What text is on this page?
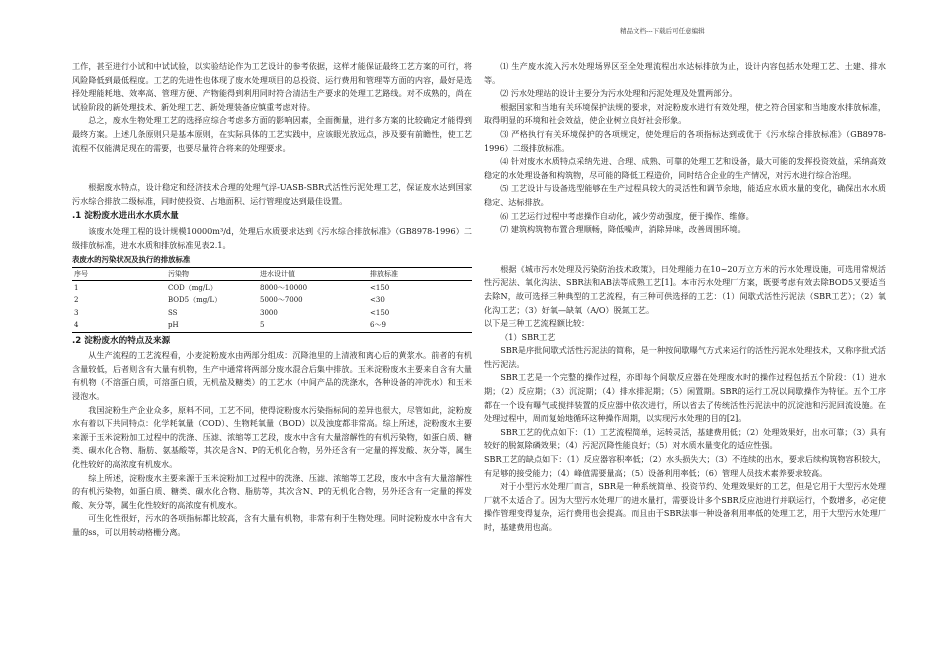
精品文档---下载后可任意编辑

工作，甚至进行小试和中试试验，以实验结论作为工艺设计的参考依据，这样才能保证最终工艺方案的可行，将风险降低到最低程度。工艺的先进性也体现了废水处理项目的总投资、运行费用和管理等方面的内容，最好是选择处理能耗地、效率高、管理方便、产物能得到利用同时符合清洁生产要求的处理工艺路线。对不成熟的，尚在试验阶段的新处理技术、新处理工艺、新处理装备应慎重考虑对待。

总之，废水生物处理工艺的选择应综合考虑多方面的影响因素，全面衡量，进行多方案的比较确定才能得到最终方案。上述几条原则只是基本原则，在实际具体的工艺实践中，应该眼光放远点，涉及要有前瞻性，使工艺流程不仅能满足现在的需要，也要尽量符合将来的处理要求。

根据废水特点，设计稳定和经济技术合理的处理气浮-UASB-SBR式活性污泥处理工艺，保证废水达到国家污水综合排放二级标准，同时使投资、占地面积、运行管理度达到最佳设置。

.1 淀粉废水进出水水质水量

该废水处理工程的设计规模10000m³/d，处理后水质要求达到《污水综合排放标准》（GB8978-1996）二级排放标准，进水水质和排放标准见表2.1。

表废水的污染状况及执行的排放标准
序号	污染物	进水设计值	排放标准
1	COD（mg/L）	8000～10000	<150
2	BOD5（mg/L）	5000～7000	<30
3	SS	3000	<150
4	pH	5	6～9
.2 淀粉废水的特点及来源

从生产流程的工艺流程看，小麦淀粉废水由两部分组成：沉降池里的上清液和离心后的黄浆水。前者的有机含量较低，后者则含有大量有机物，生产中通常将两部分废水混合后集中排放。玉米淀粉废水主要来自含有大量有机物（不溶蛋白质，可溶蛋白质，无机盐及糖类）的工艺水（中间产品的洗涤水，各种设备的冲洗水）和玉米浸泡水。

我国淀粉生产企业众多，原料不同，工艺不同，使得淀粉废水污染指标间的差异也很大，尽管如此，淀粉废水有着以下共同特点：化学耗氧量（COD）、生物耗氧量（BOD）以及浊度都非常高。综上所述，淀粉废水主要来源于玉米淀粉加工过程中的洗涤、压滤、浓缩等工艺段，废水中含有大量溶解性的有机污染物，如蛋白质、糖类、碳水化合物、脂肪、氨基酸等，其次是含N、P的无机化合物，另外还含有一定量的挥发酸、灰分等，属生化性较好的高浓度有机废水。

综上所述，淀粉废水主要来源于玉米淀粉加工过程中的洗涤、压滤、浓缩等工艺段，废水中含有大量溶解性的有机污染物，如蛋白质、糖类、碳水化合物、脂肪等，其次含N、P的无机化合物，另外还含有一定量的挥发酸、灰分等，属生化性较好的高浓度有机废水。

可生化性很好，污水的各项指标都比较高，含有大量有机物，非常有利于生物处理。同时淀粉废水中含有大量的ss，可以用转动格栅分离。

⑴ 生产废水流入污水处理场界区至全处理流程出水达标排放为止，设计内容包括水处理工艺、土建、排水等。

⑵ 污水处理站的设计主要分为污水处理和污泥处理及处置两部分。

根据国家和当地有关环境保护法规的要求，对淀粉废水进行有效处理，使之符合国家和当地废水排放标准，取得明显的环境和社会效益，使企业树立良好社会形象。

⑶ 严格执行有关环境保护的各项规定，使处理后的各项指标达到或优于《污水综合排放标准》（GB8978-1996）二级排放标准。

⑷ 针对废水水质特点采纳先进、合理、成熟、可靠的处理工艺和设备，最大可能的发挥投资效益，采纳高效稳定的水处理设备和构筑物，尽可能的降低工程造价，同时结合企业的生产情况，对污水进行综合治理。

⑸ 工艺设计与设备选型能够在生产过程具较大的灵活性和调节余地，能适应水质水量的变化，确保出水水质稳定、达标排放。

⑹ 工艺运行过程中考虑操作自动化，减少劳动强度，便于操作、维修。

⑺ 建筑构筑物布置合理顺畅，降低噪声，消除异味，改善周围环境。

根据《城市污水处理及污染防治技术政策》，日处理能力在10~20万立方米的污水处理设施，可选用常规活性污泥法、氧化沟法、SBR法和AB法等成熟工艺[1]。本市污水处理厂方案，既要考虑有效去除BOD5又要适当去除N，故可选择三种典型的工艺流程，有三种可供选择的工艺：（1）间歇式活性污泥法（SBR工艺）；（2）氧化沟工艺；（3）好氧—缺氧（A/O）脱氮工艺。

以下是三种工艺流程额比较：

（1）SBR工艺

SBR是序批间歇式活性污泥法的简称，是一种按间歇曝气方式来运行的活性污泥水处理技术，又称序批式活性污泥法。

SBR工艺是一个完整的操作过程，亦即每个间歇反应器在处理废水时的操作过程包括五个阶段：（1）进水期；（2）反应期；（3）沉淀期；（4）排水排泥期；（5）闲置期。SBR的运行工况以间歇操作为特征。五个工序都在一个设有曝气或搅拌装置的反应器中依次进行，所以省去了传统活性污泥法中的沉淀池和污泥回流设施。在处理过程中，周而复始地循环这种操作周期，以实现污水处理的目的[2]。

SBR工艺的优点如下：（1）工艺流程简单，运转灵活，基建费用低；（2）处理效果好，出水可靠；（3）具有较好的脱氮除磷效果；（4）污泥沉降性能良好；（5）对水质水量变化的适应性强。

SBR工艺的缺点如下：（1）反应器容积率低；（2）水头损失大；（3）不连续的出水，要求后续构筑物容积较大，有足够的接受能力；（4）峰值需要量高；（5）设备利用率低；（6）管理人员技术素养要求较高。

对于小型污水处理厂而言，SBR是一种系统简单、投资节约、处理效果好的工艺，但是它用于大型污水处理厂就不太适合了。因为大型污水处理厂的进水量打，需要设计多个SBR反应池进行并联运行，个数增多，必定使操作管理变得复杂，运行费用也会提高。而且由于SBR法事一种设备利用率低的处理工艺，用于大型污水处理厂时，基建费用也高。
